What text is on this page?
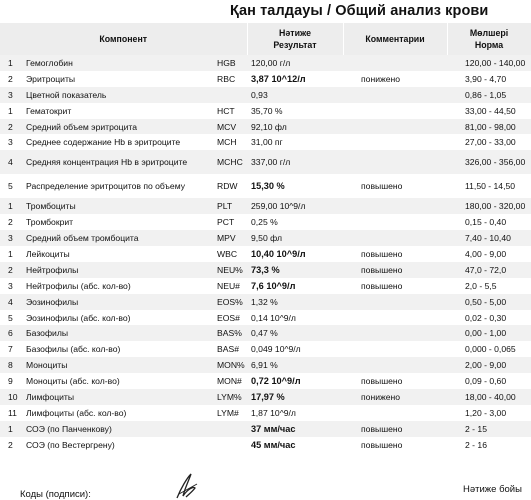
Қан талдауы / Общий анализ крови
Компонент			Нәтиже
Результат	Комментарии	Мөлшері
Норма
1	Гемоглобин	HGB	120,00 г/л		120,00 - 140,00
2	Эритроциты	RBC	3,87 10^12/л	понижено	3,90 - 4,70
3	Цветной показатель		0,93		0,86 - 1,05
1	Гематокрит	HCT	35,70 %		33,00 - 44,50
2	Средний объем эритроцита	MCV	92,10 фл		81,00 - 98,00
3	Среднее содержание Hb в эритроците	MCH	31,00 пг		27,00 - 33,00
4	Средняя концентрация Hb в эритроците	MCHC	337,00 г/л		326,00 - 356,00
5	Распределение эритроцитов по объему	RDW	15,30 %	повышено	11,50 - 14,50
1	Тромбоциты	PLT	259,00 10^9/л		180,00 - 320,00
2	Тромбокрит	PCT	0,25 %		0,15 - 0,40
3	Средний объем тромбоцита	MPV	9,50 фл		7,40 - 10,40
1	Лейкоциты	WBC	10,40 10^9/л	повышено	4,00 - 9,00
2	Нейтрофилы	NEU%	73,3 %	повышено	47,0 - 72,0
3	Нейтрофилы (абс. кол-во)	NEU#	7,6 10^9/л	повышено	2,0 - 5,5
4	Эозинофилы	EOS%	1,32 %		0,50 - 5,00
5	Эозинофилы (абс. кол-во)	EOS#	0,14 10^9/л		0,02 - 0,30
6	Базофилы	BAS%	0,47 %		0,00 - 1,00
7	Базофилы (абс. кол-во)	BAS#	0,049 10^9/л		0,000 - 0,065
8	Моноциты	MON%	6,91 %		2,00 - 9,00
9	Моноциты (абс. кол-во)	MON#	0,72 10^9/л	повышено	0,09 - 0,60
10	Лимфоциты	LYM%	17,97 %	понижено	18,00 - 40,00
11	Лимфоциты (абс. кол-во)	LYM#	1,87 10^9/л		1,20 - 3,00
1	СОЭ (по Панченкову)		37 мм/час	повышено	2 - 15
2	СОЭ (по Вестергрену)		45 мм/час	повышено	2 - 16
Коды (подписи):	Нәтиже бойы
